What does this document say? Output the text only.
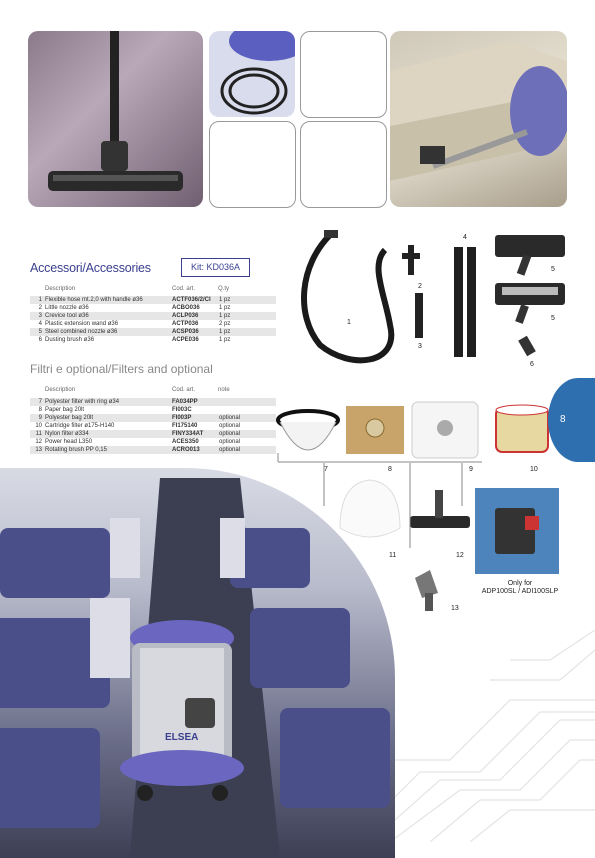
Accessori/Accessories	Kit: KD036A
Description	Cod. art.	Q.ty
1 Flexible hose mt.2,0 with handle ø36	ACTF036/2/CI 1 pz
2 Little nozzle ø36	ACBO036	1 pz
3 Crevice tool ø36	ACLP036	1 pz
4 Plastic extension wand ø36	ACTP036	2 pz
5 Steel combined nozzle ø36	ACSP036	1 pz
6 Dusting brush ø36	ACPE036	1 pz
Filtri e optional/Filters and optional
Description	Cod. art.	note
7 Polyester filter with ring ø34	FA034PP
8 Paper bag 20lt	FI003C
9 Polyester bag 20lt	FI003P	optional
10 Cartridge filter ø175-H140	FI175140	optional
11 Nylon filter ø334	FINY334AT	optional
12 Power head L350	ACES350	optional
13 Rotating brush PP 0,15	ACRO013	optional
1
2
3
4
5
5
6
7	8	9	10
11	12
13
Only for
ADP100SL / ADI100SLP
8
ELSEA
